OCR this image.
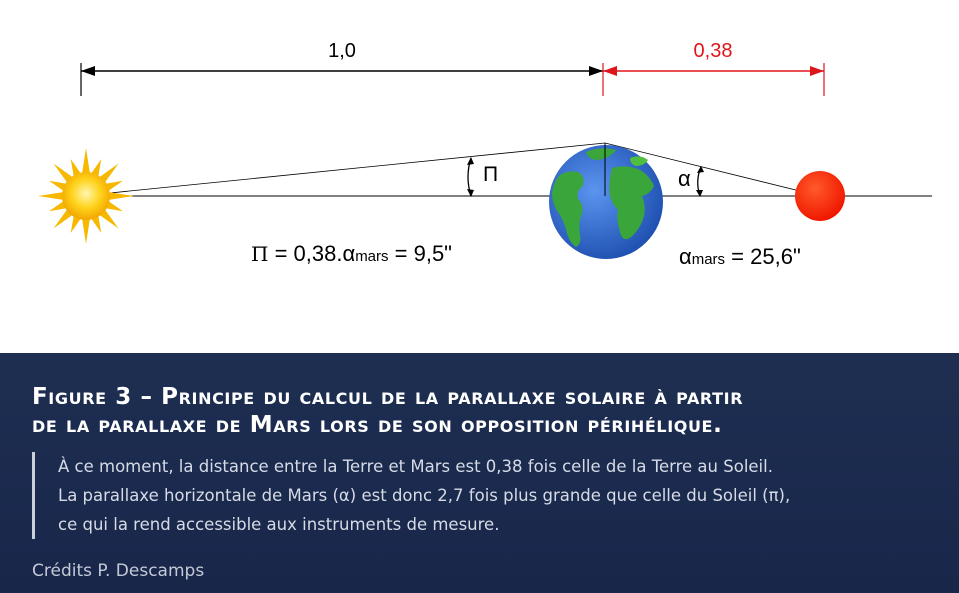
1,0	0,38
Π	α
Π = 0,38.αmars = 9,5"	αmars = 25,6"
Figure 3 – Principe du calcul de la parallaxe solaire à partir
de la parallaxe de Mars lors de son opposition périhélique.
À ce moment, la distance entre la Terre et Mars est 0,38 fois celle de la Terre au Soleil.
La parallaxe horizontale de Mars (α) est donc 2,7 fois plus grande que celle du Soleil (π),
ce qui la rend accessible aux instruments de mesure.
Crédits P. Descamps
